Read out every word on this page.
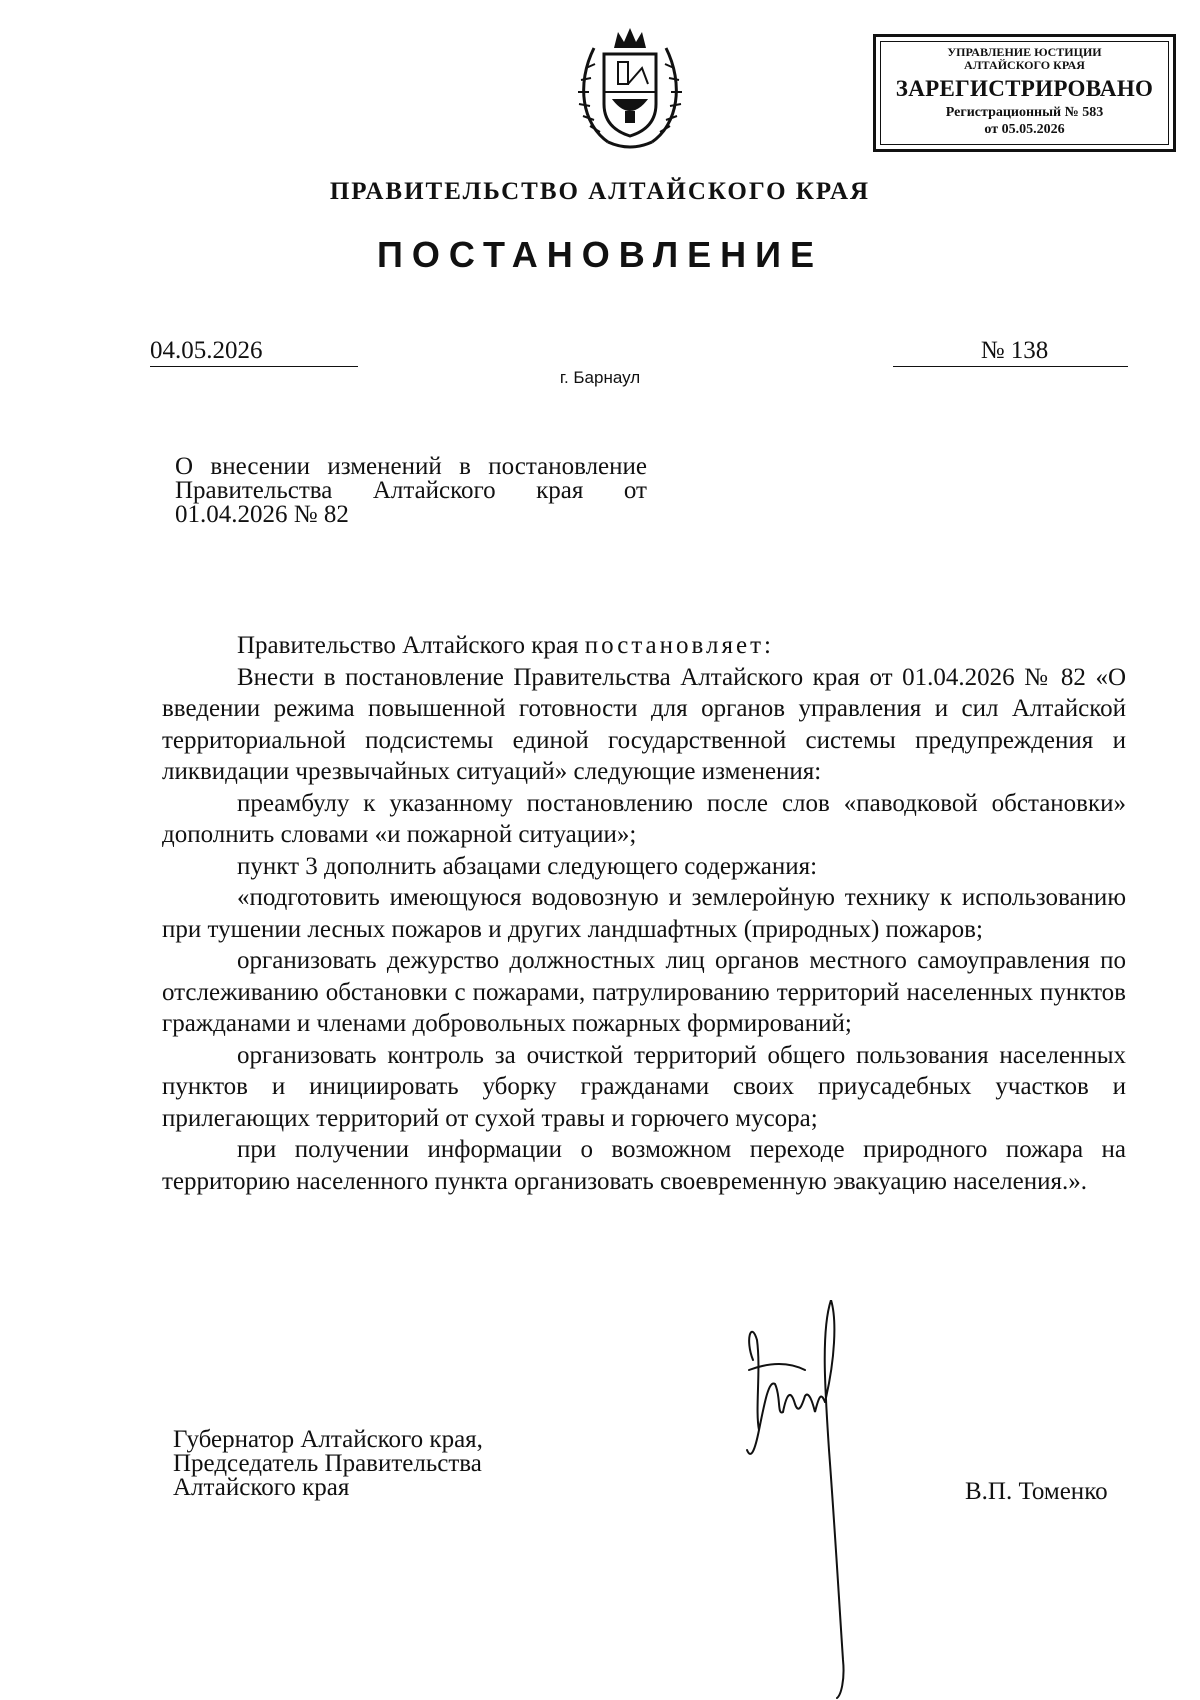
УПРАВЛЕНИЕ ЮСТИЦИИ
АЛТАЙСКОГО КРАЯ
ЗАРЕГИСТРИРОВАНО
Регистрационный № 583
от 05.05.2026
ПРАВИТЕЛЬСТВО АЛТАЙСКОГО КРАЯ
ПОСТАНОВЛЕНИЕ
04.05.2026	№ 138
г. Барнаул
О внесении изменений в постановление
Правительства Алтайского края от
01.04.2026 № 82

Правительство Алтайского края постановляет:

Внести в постановление Правительства Алтайского края от 01.04.2026 № 82 «О введении режима повышенной готовности для органов управления и сил Алтайской территориальной подсистемы единой государственной системы предупреждения и ликвидации чрезвычайных ситуаций» следующие изменения:

преамбулу к указанному постановлению после слов «паводковой обстановки» дополнить словами «и пожарной ситуации»;

пункт 3 дополнить абзацами следующего содержания:

«подготовить имеющуюся водовозную и землеройную технику к использованию при тушении лесных пожаров и других ландшафтных (природных) пожаров;

организовать дежурство должностных лиц органов местного самоуправления по отслеживанию обстановки с пожарами, патрулированию территорий населенных пунктов гражданами и членами добровольных пожарных формирований;

организовать контроль за очисткой территорий общего пользования населенных пунктов и инициировать уборку гражданами своих приусадебных участков и прилегающих территорий от сухой травы и горючего мусора;

при получении информации о возможном переходе природного пожара на территорию населенного пункта организовать своевременную эвакуацию населения.».

Губернатор Алтайского края,
Председатель Правительства
Алтайского края	В.П. Томенко
